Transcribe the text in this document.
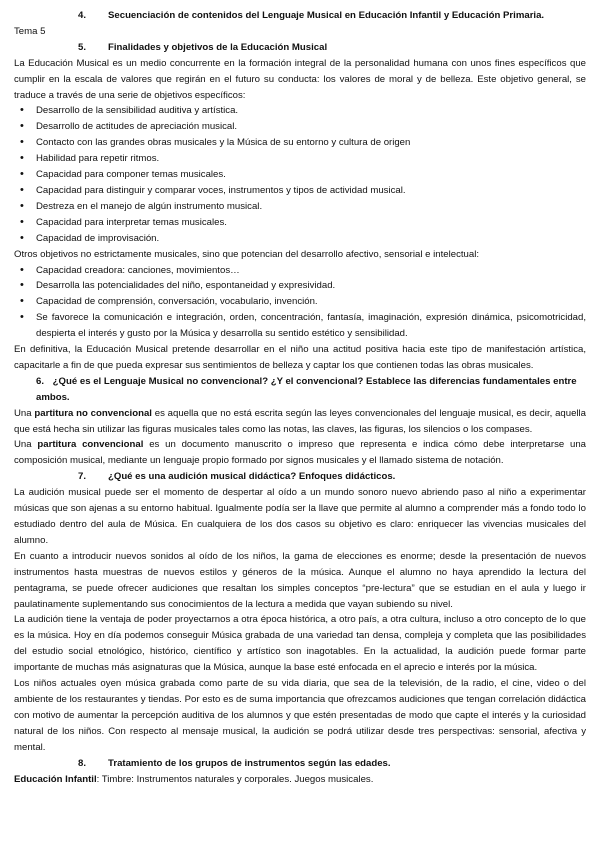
4.	Secuenciación de contenidos del Lenguaje Musical en Educación Infantil y Educación Primaria.

Tema 5

5.	Finalidades y objetivos de la Educación Musical

La Educación Musical es un medio concurrente en la formación integral de la personalidad humana con unos fines específicos que cumplir en la escala de valores que regirán en el futuro su conducta: los valores de moral y de belleza. Este objetivo general, se traduce a través de una serie de objetivos específicos:

• Desarrollo de la sensibilidad auditiva y artística.
• Desarrollo de actitudes de apreciación musical.
• Contacto con las grandes obras musicales y la Música de su entorno y cultura de origen
• Habilidad para repetir ritmos.
• Capacidad para componer temas musicales.
• Capacidad para distinguir y comparar voces, instrumentos y tipos de actividad musical.
• Destreza en el manejo de algún instrumento musical.
• Capacidad para interpretar temas musicales.
• Capacidad de improvisación.

Otros objetivos no estrictamente musicales, sino que potencian del desarrollo afectivo, sensorial e intelectual:

• Capacidad creadora: canciones, movimientos…
• Desarrolla las potencialidades del niño, espontaneidad y expresividad.
• Capacidad de comprensión, conversación, vocabulario, invención.
• Se favorece la comunicación e integración, orden, concentración, fantasía, imaginación, expresión dinámica, psicomotricidad, despierta el interés y gusto por la Música y desarrolla su sentido estético y sensibilidad.

En definitiva, la Educación Musical pretende desarrollar en el niño una actitud positiva hacia este tipo de manifestación artística, capacitarle a fin de que pueda expresar sus sentimientos de belleza y captar los que contienen todas las obras musicales.

6. ¿Qué es el Lenguaje Musical no convencional? ¿Y el convencional? Establece las diferencias fundamentales entre ambos.

Una partitura no convencional es aquella que no está escrita según las leyes convencionales del lenguaje musical, es decir, aquella que está hecha sin utilizar las figuras musicales tales como las notas, las claves, las figuras, los silencios o los compases.

Una partitura convencional es un documento manuscrito o impreso que representa e indica cómo debe interpretarse una composición musical, mediante un lenguaje propio formado por signos musicales y el llamado sistema de notación.

7.	¿Qué es una audición musical didáctica? Enfoques didácticos.

La audición musical puede ser el momento de despertar al oído a un mundo sonoro nuevo abriendo paso al niño a experimentar músicas que son ajenas a su entorno habitual. Igualmente podía ser la llave que permite al alumno a comprender más a fondo todo lo estudiado dentro del aula de Música. En cualquiera de los dos casos su objetivo es claro: enriquecer las vivencias musicales del alumno.

En cuanto a introducir nuevos sonidos al oído de los niños, la gama de elecciones es enorme; desde la presentación de nuevos instrumentos hasta muestras de nuevos estilos y géneros de la música. Aunque el alumno no haya aprendido la lectura del pentagrama, se puede ofrecer audiciones que resaltan los simples conceptos “pre-lectura” que se estudian en el aula y luego ir paulatinamente suplementando sus conocimientos de la lectura a medida que vayan subiendo su nivel.

La audición tiene la ventaja de poder proyectarnos a otra época histórica, a otro país, a otra cultura, incluso a otro concepto de lo que es la música. Hoy en día podemos conseguir Música grabada de una variedad tan densa, compleja y completa que las posibilidades del estudio social etnológico, histórico, científico y artístico son inagotables. En la actualidad, la audición puede formar parte importante de muchas más asignaturas que la Música, aunque la base esté enfocada en el aprecio e interés por la música.

Los niños actuales oyen música grabada como parte de su vida diaria, que sea de la televisión, de la radio, el cine, video o del ambiente de los restaurantes y tiendas. Por esto es de suma importancia que ofrezcamos audiciones que tengan correlación didáctica con motivo de aumentar la percepción auditiva de los alumnos y que estén presentadas de modo que capte el interés y la curiosidad natural de los niños. Con respecto al mensaje musical, la audición se podrá utilizar desde tres perspectivas: sensorial, afectiva y mental.

8.	Tratamiento de los grupos de instrumentos según las edades.

Educación Infantil: Timbre: Instrumentos naturales y corporales. Juegos musicales.
